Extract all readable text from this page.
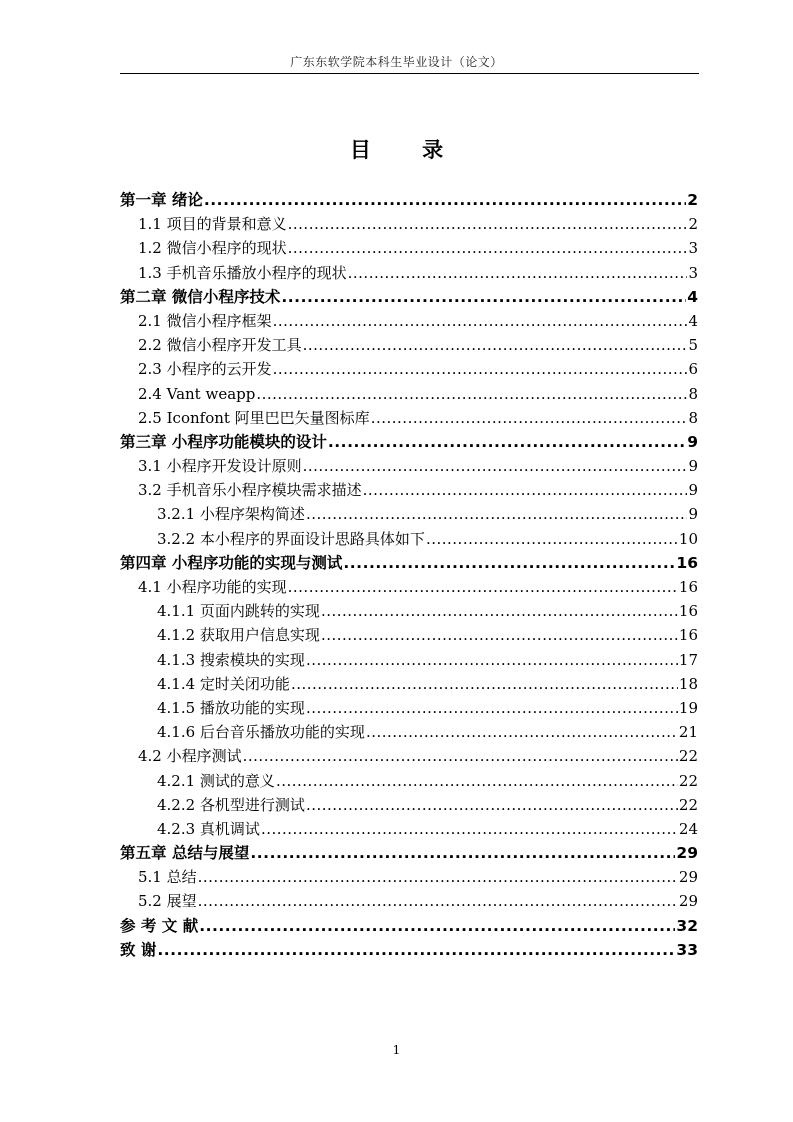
广东东软学院本科生毕业设计（论文）
目 录
第一章 绪论 .....	2
1.1 项目的背景和意义 .....	2
1.2 微信小程序的现状 .....	3
1.3 手机音乐播放小程序的现状 .....	3
第二章 微信小程序技术 .....	4
2.1 微信小程序框架 .....	4
2.2 微信小程序开发工具 .....	5
2.3 小程序的云开发 .....	6
2.4 Vant weapp .....	8
2.5 Iconfont 阿里巴巴矢量图标库 .....	8
第三章 小程序功能模块的设计 .....	9
3.1 小程序开发设计原则 .....	9
3.2 手机音乐小程序模块需求描述 .....	9
3.2.1 小程序架构简述 .....	9
3.2.2 本小程序的界面设计思路具体如下 .....	10
第四章 小程序功能的实现与测试 .....	16
4.1 小程序功能的实现 .....	16
4.1.1 页面内跳转的实现 .....	16
4.1.2 获取用户信息实现 .....	16
4.1.3 搜索模块的实现 .....	17
4.1.4 定时关闭功能 .....	18
4.1.5 播放功能的实现 .....	19
4.1.6 后台音乐播放功能的实现 .....	21
4.2 小程序测试 .....	22
4.2.1 测试的意义 .....	22
4.2.2 各机型进行测试 .....	22
4.2.3 真机调试 .....	24
第五章 总结与展望 .....	29
5.1 总结 .....	29
5.2 展望 .....	29
参 考 文 献 .....	32
致 谢 .....	33
1
